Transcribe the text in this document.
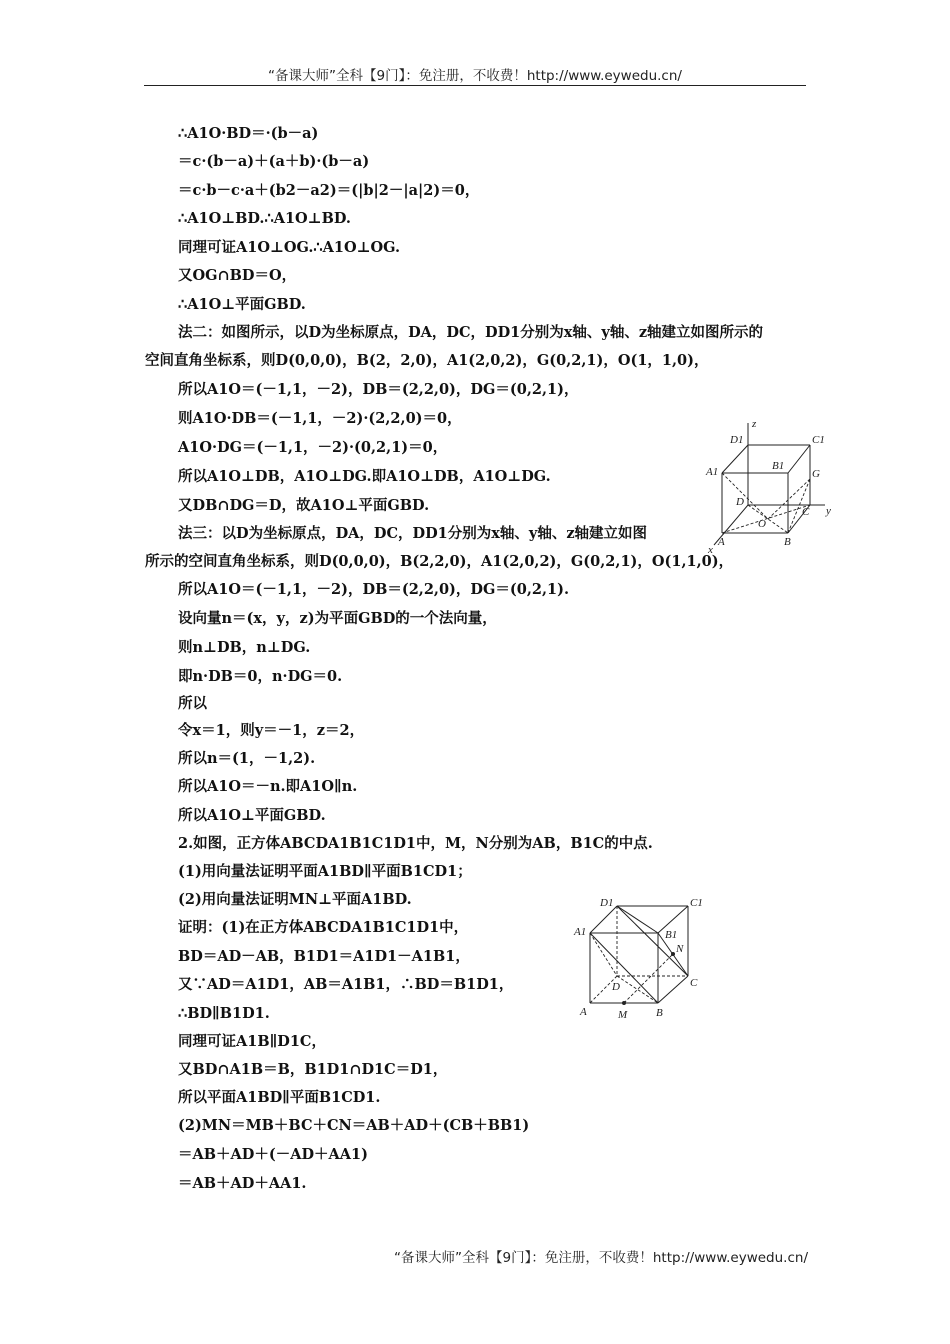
“备课大师”全科【9门】：免注册，不收费！http://www.eywedu.cn/
∴A1O·BD＝·(b－a)
＝c·(b－a)＋(a＋b)·(b－a)
＝c·b－c·a＋(b2－a2)＝(|b|2－|a|2)＝0，
∴A1O⊥BD.∴A1O⊥BD.
同理可证A1O⊥OG.∴A1O⊥OG.
又OG∩BD＝O，
∴A1O⊥平面GBD.
法二：如图所示，以D为坐标原点，DA，DC，DD1分别为x轴、y轴、z轴建立如图所示的
空间直角坐标系，则D(0,0,0)，B(2，2,0)，A1(2,0,2)，G(0,2,1)，O(1，1,0)，
所以A1O＝(－1,1，－2)，DB＝(2,2,0)，DG＝(0,2,1)，
则A1O·DB＝(－1,1，－2)·(2,2,0)＝0，
A1O·DG＝(－1,1，－2)·(0,2,1)＝0，
所以A1O⊥DB，A1O⊥DG.即A1O⊥DB，A1O⊥DG.
又DB∩DG＝D，故A1O⊥平面GBD.
法三：以D为坐标原点，DA，DC，DD1分别为x轴、y轴、z轴建立如图
所示的空间直角坐标系，则D(0,0,0)，B(2,2,0)，A1(2,0,2)，G(0,2,1)，O(1,1,0)，
所以A1O＝(－1,1，－2)，DB＝(2,2,0)，DG＝(0,2,1).
设向量n＝(x，y，z)为平面GBD的一个法向量，
则n⊥DB，n⊥DG.
即n·DB＝0，n·DG＝0.
所以
令x＝1，则y＝－1，z＝2，
所以n＝(1，－1,2).
所以A1O＝－n.即A1O∥n.
所以A1O⊥平面GBD.
2.如图，正方体ABCDA1B1C1D1中，M，N分别为AB，B1C的中点.
(1)用向量法证明平面A1BD∥平面B1CD1；
(2)用向量法证明MN⊥平面A1BD.
证明：(1)在正方体ABCDA1B1C1D1中，
BD＝AD－AB，B1D1＝A1D1－A1B1，
又∵AD＝A1D1，AB＝A1B1，∴BD＝B1D1，
∴BD∥B1D1.
同理可证A1B∥D1C，
又BD∩A1B＝B，B1D1∩D1C＝D1，
所以平面A1BD∥平面B1CD1.
(2)MN＝MB＋BC＋CN＝AB＋AD＋(CB＋BB1)
＝AB＋AD＋(－AD＋AA1)
＝AB＋AD＋AA1.
z
y
x
D1	C1
A1	B1
G
D
O
C
A	B
D1	C1
A1	B1
N
D	C
A	M	B
“备课大师”全科【9门】：免注册，不收费！http://www.eywedu.cn/
